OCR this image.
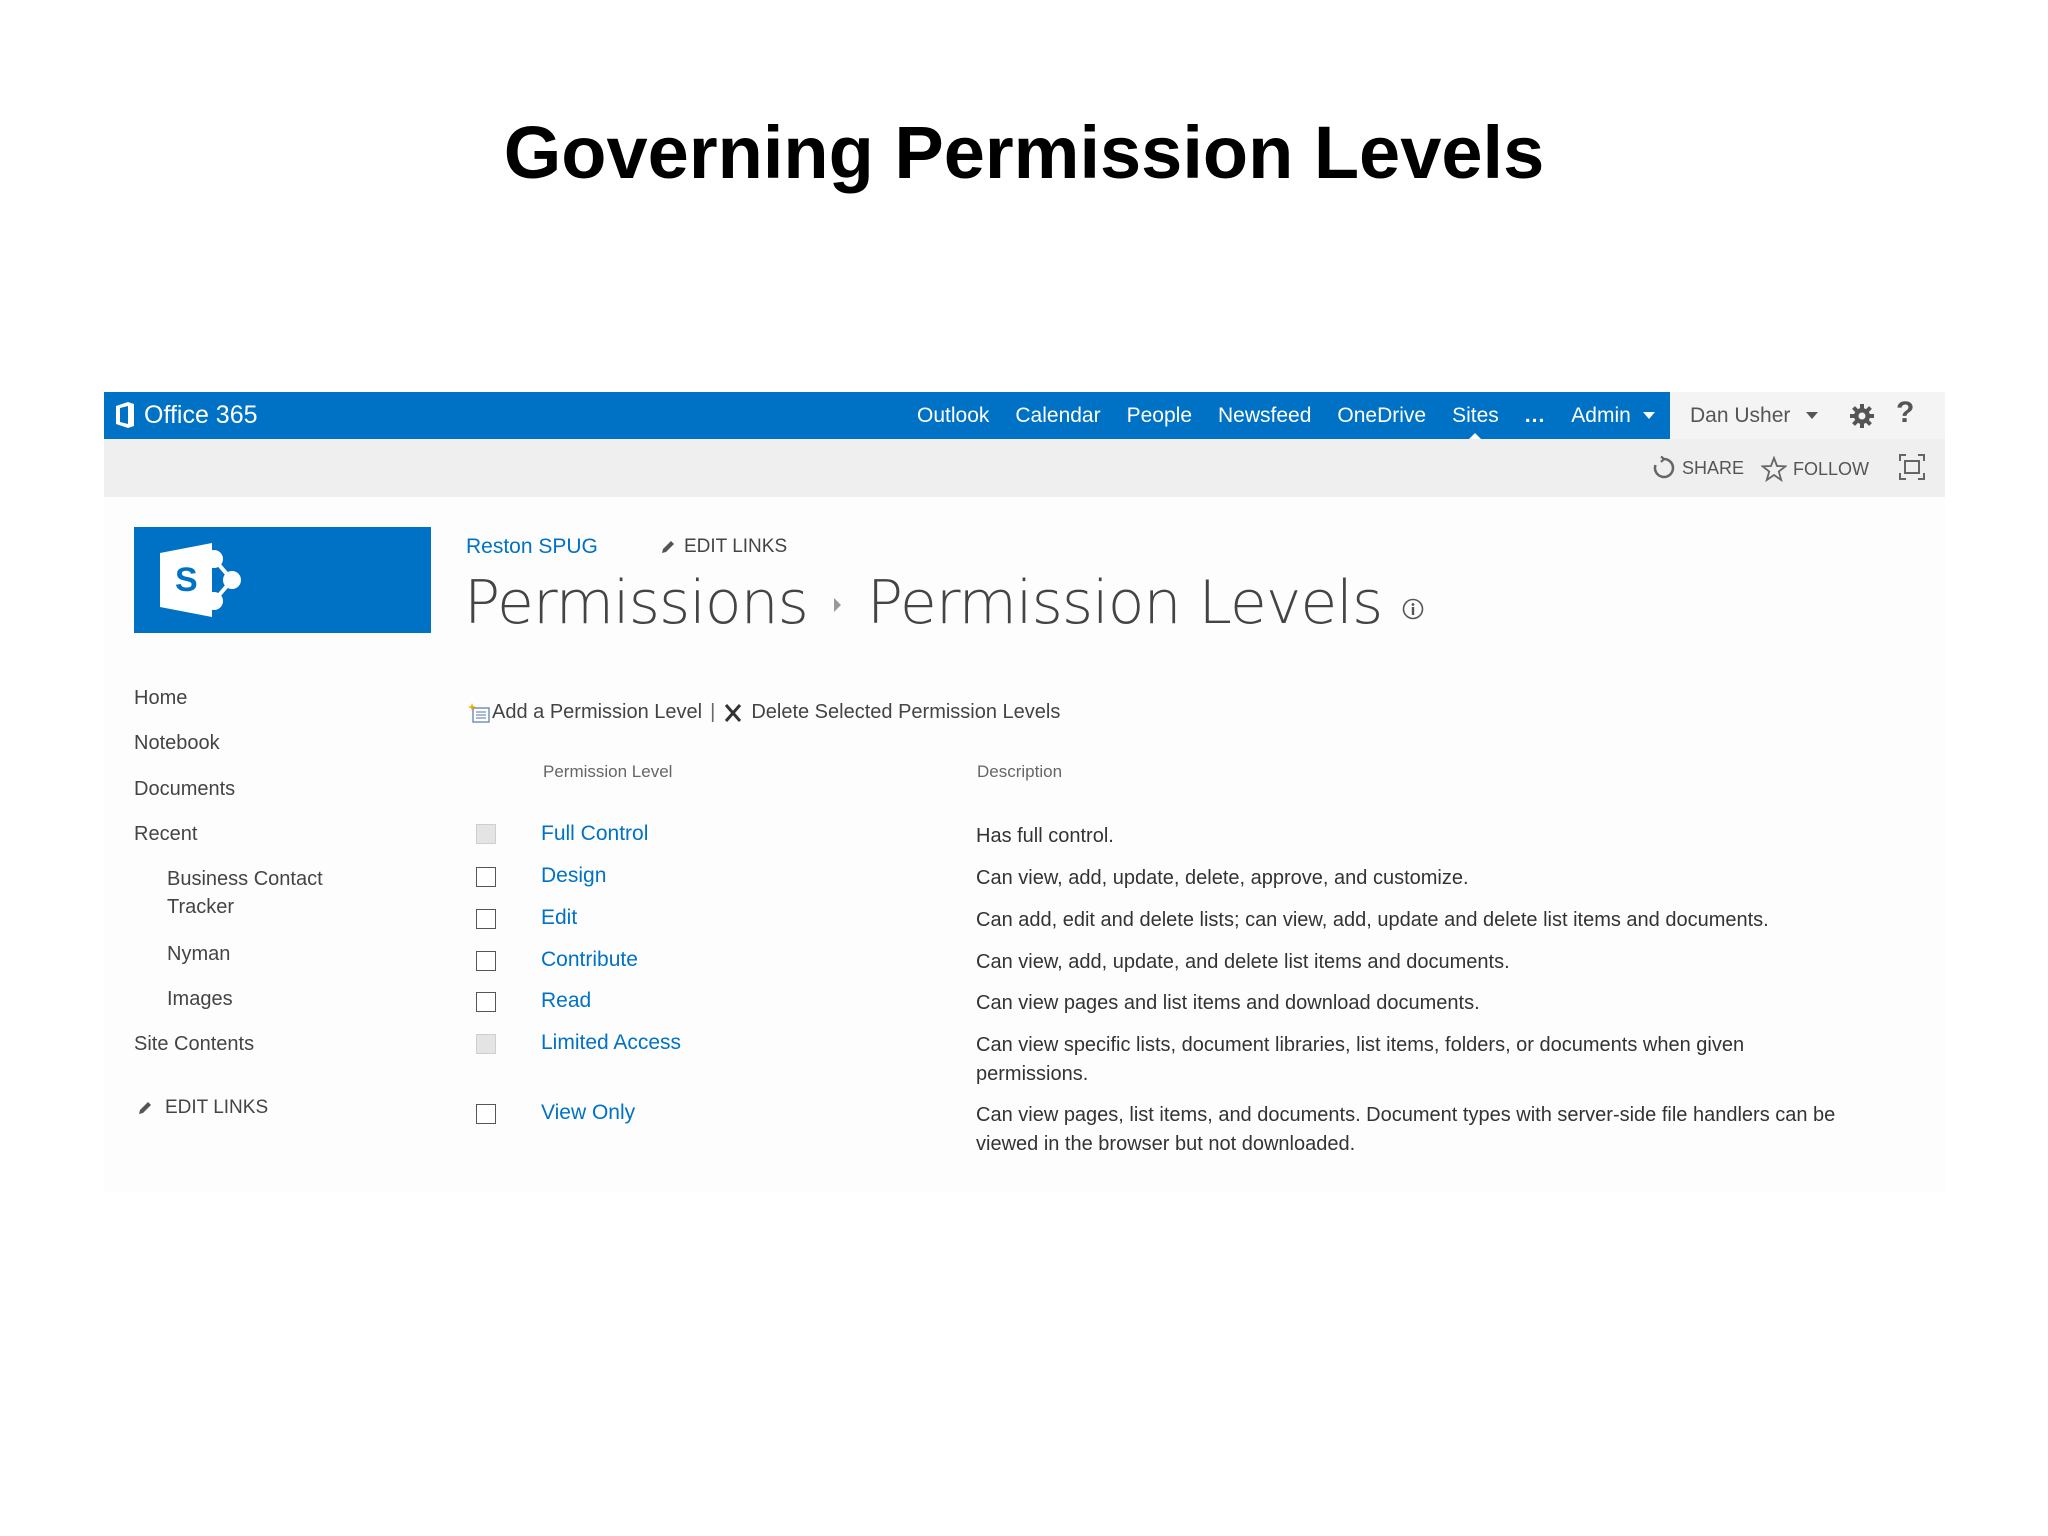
Governing Permission Levels
Office 365	Outlook	Calendar	People	Newsfeed	OneDrive	Sites	... Admin	Dan Usher	?
SHARE	FOLLOW
S
Reston SPUG	EDIT LINKS
Permissions Permission Levels
Home
Notebook
Documents
Recent
Business Contact
Tracker
Nyman
Images
Site Contents
EDIT LINKS
Add a Permission Level | Delete Selected Permission Levels
Permission Level	Description
Full Control	Has full control.
Design	Can view, add, update, delete, approve, and customize.
Edit	Can add, edit and delete lists; can view, add, update and delete list items and documents.
Contribute	Can view, add, update, and delete list items and documents.
Read	Can view pages and list items and download documents.
Limited Access	Can view specific lists, document libraries, list items, folders, or documents when given permissions.
View Only	Can view pages, list items, and documents. Document types with server-side file handlers can be viewed in the browser but not downloaded.
